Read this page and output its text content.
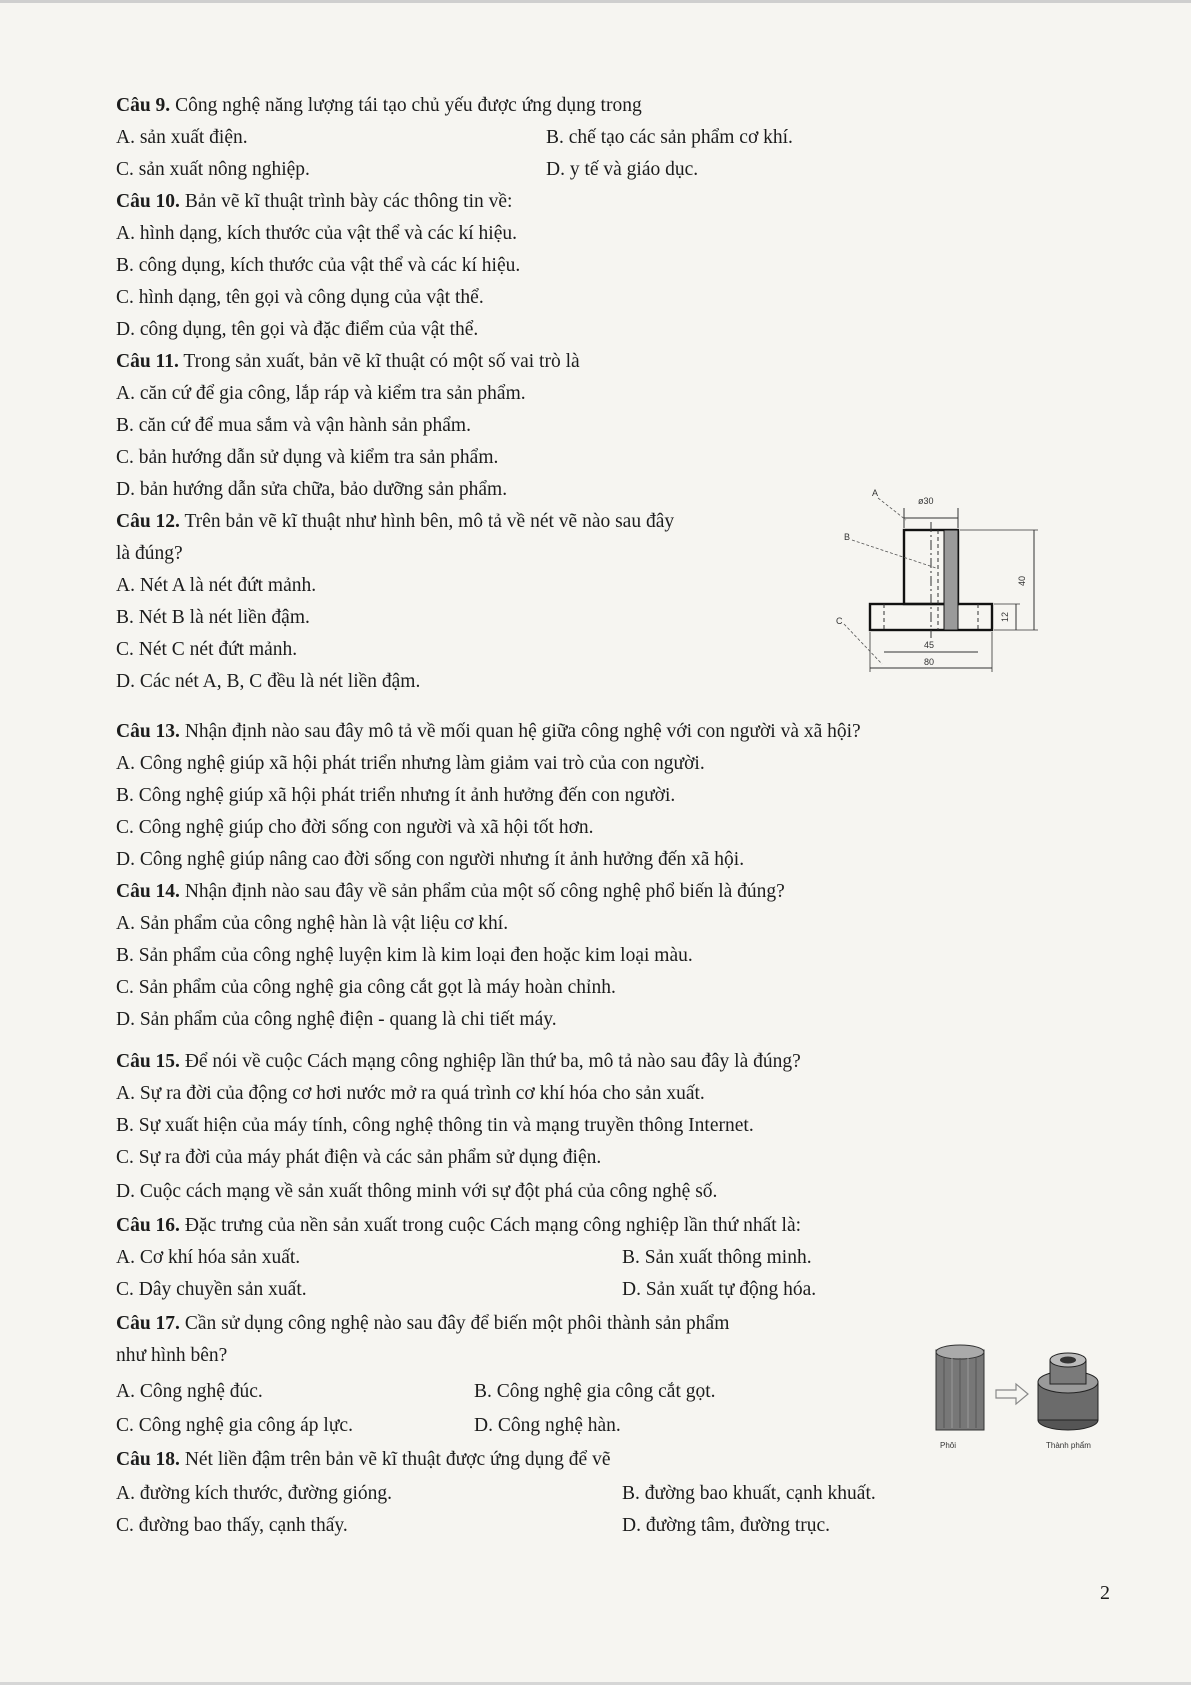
Câu 9. Công nghệ năng lượng tái tạo chủ yếu được ứng dụng trong
A. sản xuất điện.	B. chế tạo các sản phẩm cơ khí.
C. sản xuất nông nghiệp.	D. y tế và giáo dục.
Câu 10. Bản vẽ kĩ thuật trình bày các thông tin về:
A. hình dạng, kích thước của vật thể và các kí hiệu.
B. công dụng, kích thước của vật thể và các kí hiệu.
C. hình dạng, tên gọi và công dụng của vật thể.
D. công dụng, tên gọi và đặc điểm của vật thể.
Câu 11. Trong sản xuất, bản vẽ kĩ thuật có một số vai trò là
A. căn cứ để gia công, lắp ráp và kiểm tra sản phẩm.
B. căn cứ để mua sắm và vận hành sản phẩm.
C. bản hướng dẫn sử dụng và kiểm tra sản phẩm.
D. bản hướng dẫn sửa chữa, bảo dưỡng sản phẩm.
Câu 12. Trên bản vẽ kĩ thuật như hình bên, mô tả về nét vẽ nào sau đây
là đúng?
A. Nét A là nét đứt mảnh.
B. Nét B là nét liền đậm.
C. Nét C nét đứt mảnh.
D. Các nét A, B, C đều là nét liền đậm.
ø30
40
12
45
80
A
B
C
Câu 13. Nhận định nào sau đây mô tả về mối quan hệ giữa công nghệ với con người và xã hội?
A. Công nghệ giúp xã hội phát triển nhưng làm giảm vai trò của con người.
B. Công nghệ giúp xã hội phát triển nhưng ít ảnh hưởng đến con người.
C. Công nghệ giúp cho đời sống con người và xã hội tốt hơn.
D. Công nghệ giúp nâng cao đời sống con người nhưng ít ảnh hưởng đến xã hội.
Câu 14. Nhận định nào sau đây về sản phẩm của một số công nghệ phổ biến là đúng?
A. Sản phẩm của công nghệ hàn là vật liệu cơ khí.
B. Sản phẩm của công nghệ luyện kim là kim loại đen hoặc kim loại màu.
C. Sản phẩm của công nghệ gia công cắt gọt là máy hoàn chỉnh.
D. Sản phẩm của công nghệ điện - quang là chi tiết máy.
Câu 15. Để nói về cuộc Cách mạng công nghiệp lần thứ ba, mô tả nào sau đây là đúng?
A. Sự ra đời của động cơ hơi nước mở ra quá trình cơ khí hóa cho sản xuất.
B. Sự xuất hiện của máy tính, công nghệ thông tin và mạng truyền thông Internet.
C. Sự ra đời của máy phát điện và các sản phẩm sử dụng điện.
D. Cuộc cách mạng về sản xuất thông minh với sự đột phá của công nghệ số.
Câu 16. Đặc trưng của nền sản xuất trong cuộc Cách mạng công nghiệp lần thứ nhất là:
A. Cơ khí hóa sản xuất.	B. Sản xuất thông minh.
C. Dây chuyền sản xuất.	D. Sản xuất tự động hóa.
Câu 17. Cần sử dụng công nghệ nào sau đây để biến một phôi thành sản phẩm
như hình bên?
A. Công nghệ đúc.	B. Công nghệ gia công cắt gọt.
C. Công nghệ gia công áp lực.	D. Công nghệ hàn.
Phôi	Thành phẩm
Câu 18. Nét liền đậm trên bản vẽ kĩ thuật được ứng dụng để vẽ
A. đường kích thước, đường gióng.	B. đường bao khuất, cạnh khuất.
C. đường bao thấy, cạnh thấy.	D. đường tâm, đường trục.
2
